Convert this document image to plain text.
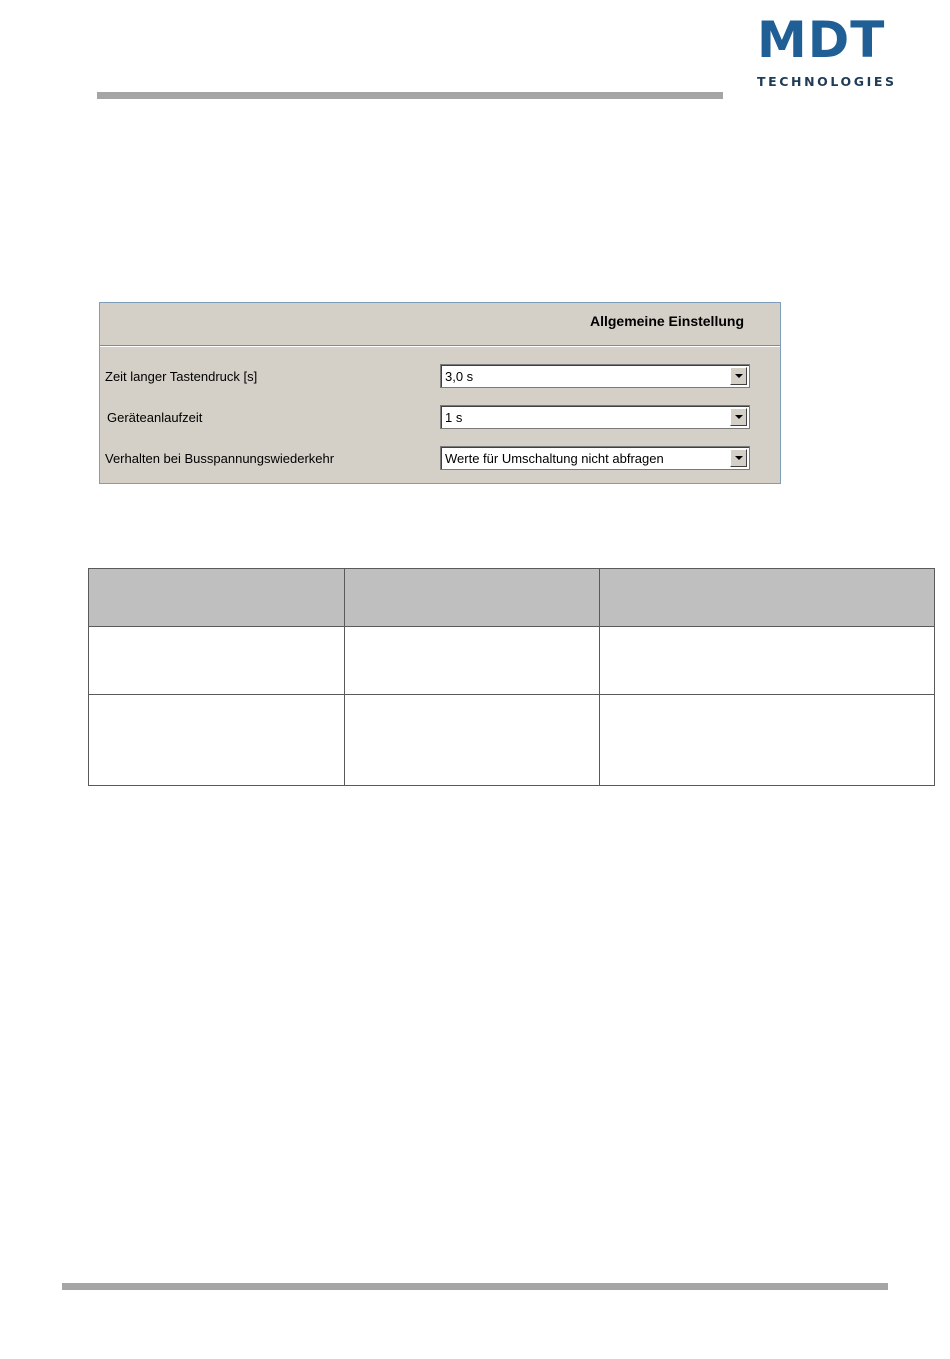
MDT
TECHNOLOGIES
Allgemeine Einstellung
Zeit langer Tastendruck [s]	3,0 s
Geräteanlaufzeit	1 s
Verhalten bei Busspannungswiederkehr	Werte für Umschaltung nicht abfragen
